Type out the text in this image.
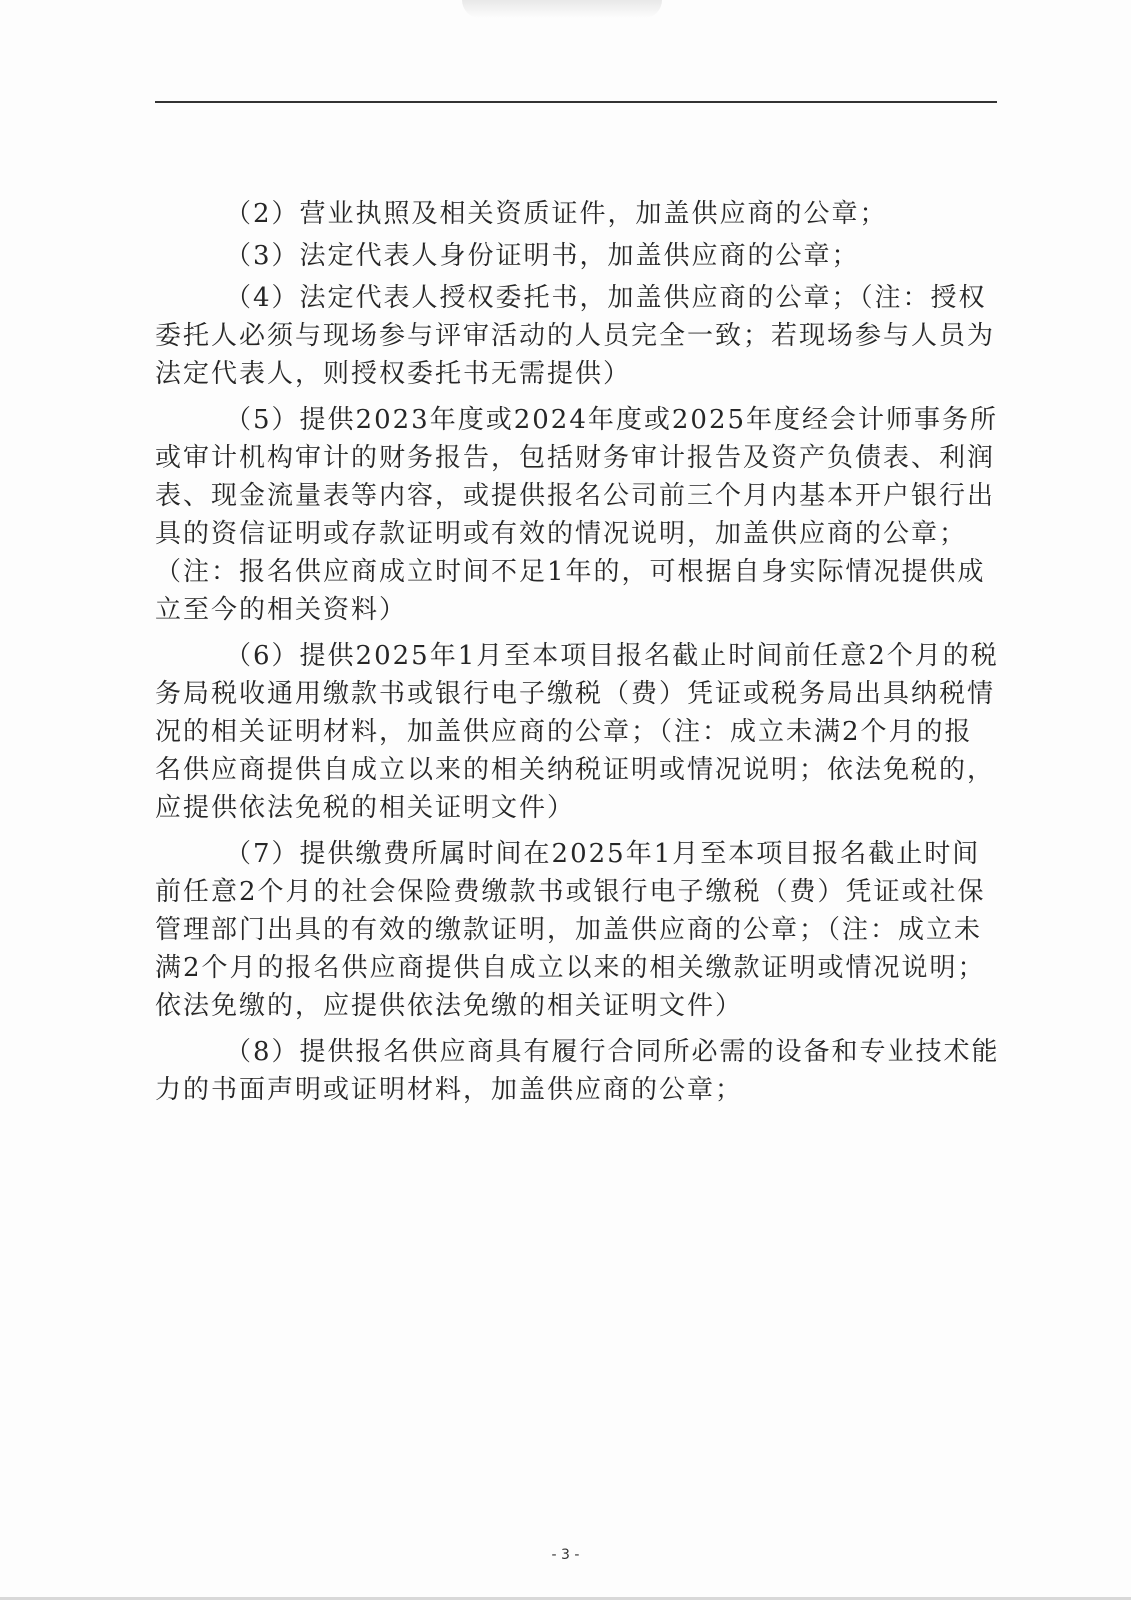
（2）营业执照及相关资质证件，加盖供应商的公章；

（3）法定代表人身份证明书，加盖供应商的公章；

（4）法定代表人授权委托书，加盖供应商的公章；（注：授权委托人必须与现场参与评审活动的人员完全一致；若现场参与人员为法定代表人，则授权委托书无需提供）

（5）提供2023年度或2024年度或2025年度经会计师事务所或审计机构审计的财务报告，包括财务审计报告及资产负债表、利润表、现金流量表等内容，或提供报名公司前三个月内基本开户银行出具的资信证明或存款证明或有效的情况说明，加盖供应商的公章；（注：报名供应商成立时间不足1年的，可根据自身实际情况提供成立至今的相关资料）

（6）提供2025年1月至本项目报名截止时间前任意2个月的税务局税收通用缴款书或银行电子缴税（费）凭证或税务局出具纳税情况的相关证明材料，加盖供应商的公章；（注：成立未满2个月的报名供应商提供自成立以来的相关纳税证明或情况说明；依法免税的，应提供依法免税的相关证明文件）

（7）提供缴费所属时间在2025年1月至本项目报名截止时间前任意2个月的社会保险费缴款书或银行电子缴税（费）凭证或社保管理部门出具的有效的缴款证明，加盖供应商的公章；（注：成立未满2个月的报名供应商提供自成立以来的相关缴款证明或情况说明；依法免缴的，应提供依法免缴的相关证明文件）

（8）提供报名供应商具有履行合同所必需的设备和专业技术能力的书面声明或证明材料，加盖供应商的公章；

- 3 -
